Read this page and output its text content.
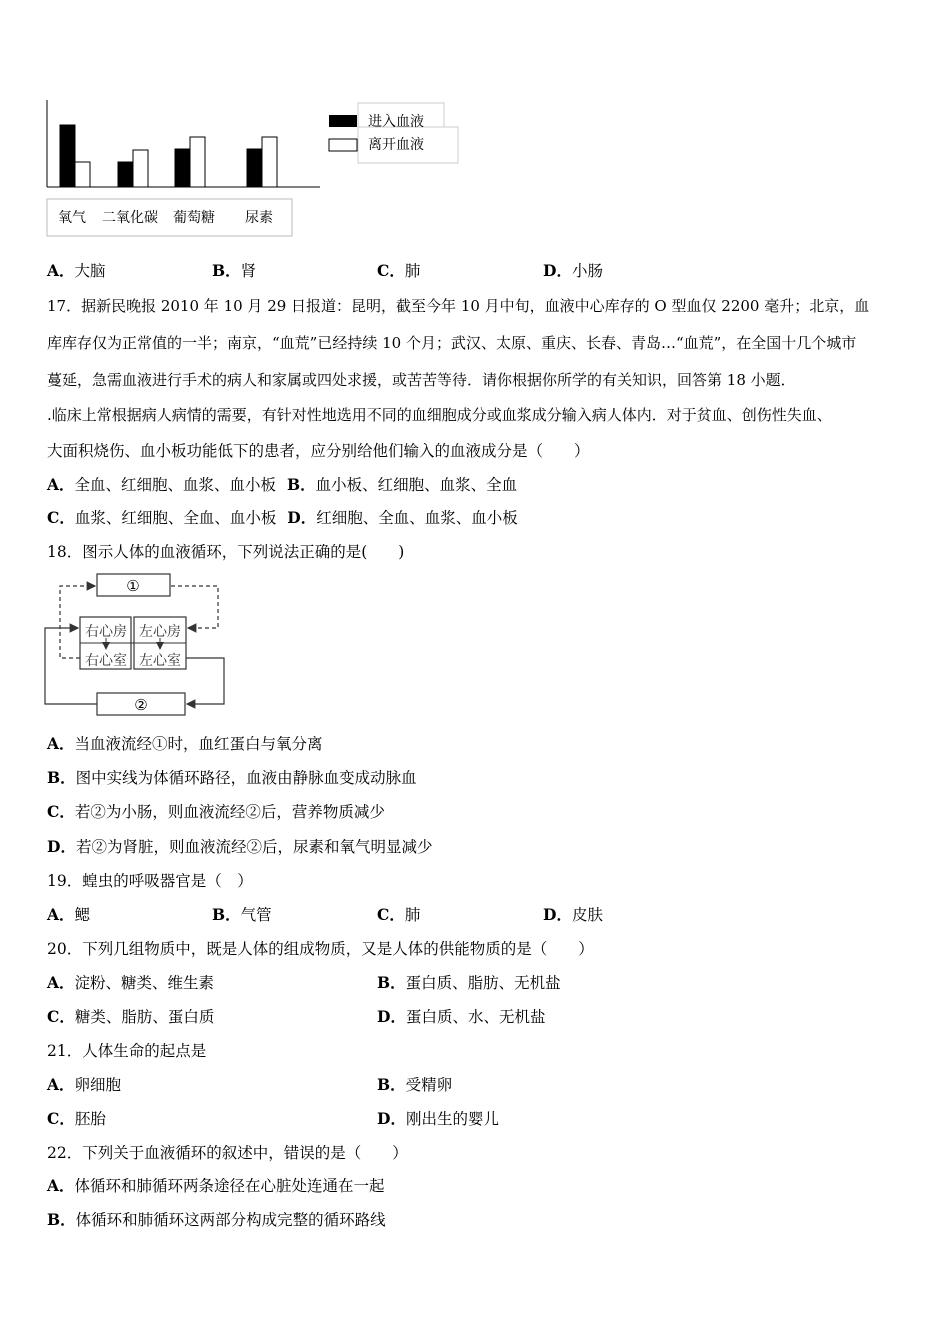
氧气 二氧化碳 葡萄糖 尿素
进入血液
离开血液
A．大脑	B．肾	C．肺	D．小肠
17．据新民晚报 2010 年 10 月 29 日报道：昆明，截至今年 10 月中旬，血液中心库存的 O 型血仅 2200 毫升；北京，血
库库存仅为正常值的一半；南京，“血荒”已经持续 10 个月；武汉、太原、重庆、长春、青岛…“血荒”，在全国十几个城市
蔓延，急需血液进行手术的病人和家属或四处求援，或苦苦等待．请你根据你所学的有关知识，回答第 18 小题．
.临床上常根据病人病情的需要，有针对性地选用不同的血细胞成分或血浆成分输入病人体内．对于贫血、创伤性失血、
大面积烧伤、血小板功能低下的患者，应分别给他们输入的血液成分是（　　）
A．全血、红细胞、血浆、血小板 B．血小板、红细胞、血浆、全血
C．血浆、红细胞、全血、血小板 D．红细胞、全血、血浆、血小板
18．图示人体的血液循环，下列说法正确的是(　　)
①
②
右心房
右心室
左心房
左心室
A．当血液流经①时，血红蛋白与氧分离
B．图中实线为体循环路径，血液由静脉血变成动脉血
C．若②为小肠，则血液流经②后，营养物质减少
D．若②为肾脏，则血液流经②后，尿素和氧气明显减少
19．蝗虫的呼吸器官是（　）
A．鳃	B．气管	C．肺	D．皮肤
20．下列几组物质中，既是人体的组成物质，又是人体的供能物质的是（　　）
A．淀粉、糖类、维生素	B．蛋白质、脂肪、无机盐
C．糖类、脂肪、蛋白质	D．蛋白质、水、无机盐
21．人体生命的起点是
A．卵细胞	B．受精卵
C．胚胎	D．刚出生的婴儿
22．下列关于血液循环的叙述中，错误的是（　　）
A．体循环和肺循环两条途径在心脏处连通在一起
B．体循环和肺循环这两部分构成完整的循环路线
